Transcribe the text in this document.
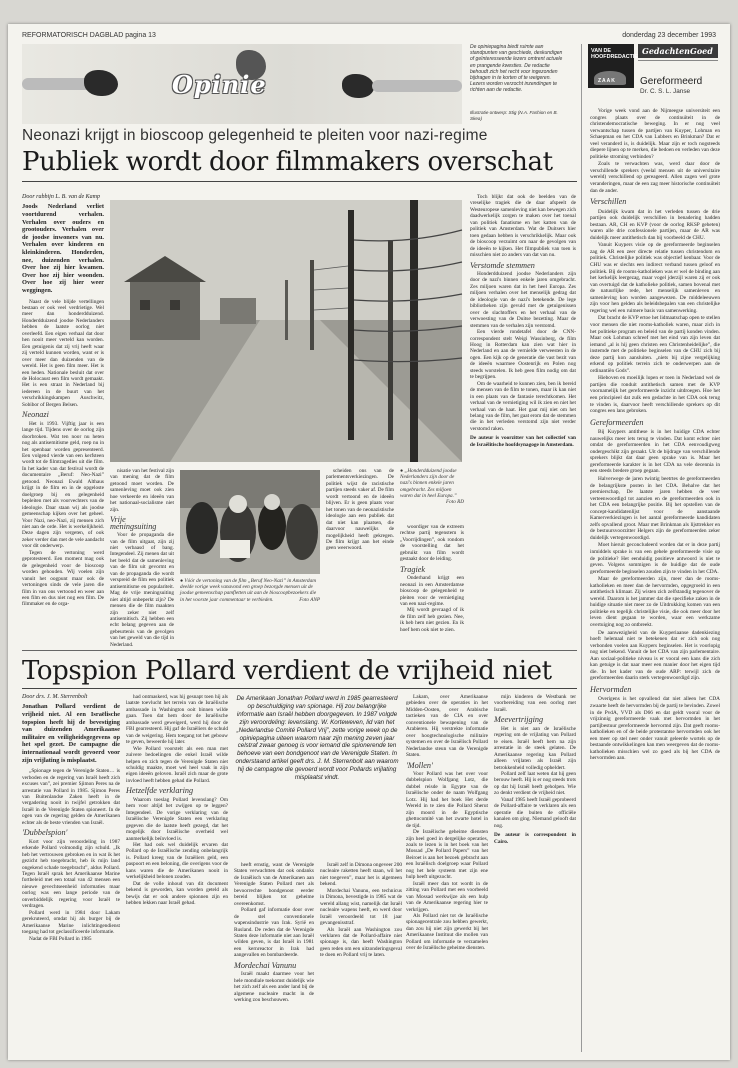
REFORMATORISCH DAGBLAD pagina 13	donderdag 23 december 1993
Opinie
De opiniepagina biedt ruimte aan standpunten van geschiede, deskundigen of geïnteresseerde lezers omtrent actuele en prangende kwesties. De redactie behoudt zich het recht voor ingezonden bijdragen in te korten of te weigeren. Lezers worden verzocht inzendingen te richten aan de redactie.
Illustratie ontwerp: Stig (N.A. Fashion en B. Skea)
VAN DE
HOOFDREDACTIE
ZAAK
GedachtenGoed
Gereformeerd
Dr. C. S. L. Janse

Vorige week vond aan de Nijmeegse universiteit een congres plaats over de continuïteit in de christendemocratische beweging. In er nog veel verwantschap tussen de partijen van Kuyper, Lohman en Schaepman en het CDA van Lubbers en Brinkman? Dat er veel veranderd is, is duidelijk. Maar zijn er toch nogsteeds diepere lijnen op te merken, die bedoen en verleden van deze politieke stroming verbinden?

Zoals te verwachten was, werd daar door de verschillende sprekers (veelal mensen uit de universitaire wereld) verschillend op gereageerd. Allen zagen wel grote veranderingen, maar de een zag meer historische continuïteit dan de ander.

Verschillen

Duidelijk kwam dat in het verleden tussen de drie partijen ook duidelijk verschillen in benadering hadden bestaan. AR, CH en KVP (voor de oorlog RKSP geheten) waren alle drie confessionele partijen, maar de AR was duidelijk meer antithetisch dan bij voorbeeld de CHU.

Vanuit Kuypers visie op de gereformeerde beginselen zag de AR een zeer directe relatie tussen christendom en politiek. Christelijke politiek was objectief kenbaar. Voor de CHU was er slechts een indirect verband tussen geloof en politiek. Bij de rooms-katholieken was er wel de binding aan het kerkelijk leergezag, maar vogel jderzijl waren zij er ook van overtuigd dat de katholieke politiek, samen bovenal met de natuurlijke rede, het menselijk samenleven en samenleving kon worden aangewezen. De middeleeuwen zijn voor hen gelden als beleidsbepalen van een christelijke regering wel een ruimere basis van samenwerking.

Dat bracht de KVP ertoe het lidmaatschap open te stellen voor mensen die niet rooms-katholiek waren, maar zich in het politieke program en beleid van de partij konden vinden. Maar ook Lohman schreef met het eind van zijn leven dat iemand „al is hij geen christen een Christenheidelijke”, die instemde met de politieke beginselen van de CHU zich bij deze partij kon aansluiten. „niets bij zijne vergelijking erkend op politiek terrein zich te onderwerpen aan de ordinantiën Gods”.

Hieboven en moeilijk lopen er toen in Nederland wel de partijen die ronduit antithetisch samen met de KVP voornamelijk het gereformeerde inzicht uitdroegen. Hoe het een principieel dat zulk een gedachte in het CDA ook terug te vinden is, daarvoor heeft verschillende sprekers op dit congres een lans gebroken.

Gereformeerden

Bij Kuypers antithese is in het huidige CDA echter nauwelijks meer iets terug te vinden. Dat komt echter niet omdat de gereformeerden in het CDA eenvoudigweg ondergeschikt zijn geraakt. Uit de bijdrage van verschillende sprekers blijkt dat daar geen sprake van is. Maar het gereformeerde karakter is in het CDA na vele decennia in een steeds bredere groep gegaan.

Halverwege de jaren twintig beetrtes de gereformeerden de belangrijkste posten in het CDA. Behalve dat het premierschap, De laatste jaren hebben de veer verteenwoordigd tot aanzien en de gereformeerden ook in het CDA een belangrijke positie. Bij het opstellen van de concept-kandidatenlijst voor de aanstaande Kamerverkiezingen is het aantal gereformeerde kandidaten zelfs opvallend groot. Maar met Brinkman als lijsttrekker en de bestuursvoorzitter Helgers zijn de gereformeerden zeker duidelijk vertegenwoordigd.

Moet hieruit geconcludeerd worden dat er in deze partij inmiddels sprake is van een gehele gereformeerde visie op de politieke? Het eenduidig positieve antwoord is niet te geven. Volgens sommigen is de huidige dat de oude gereformeerde beginselen zouden zijn te vinden in het CDA.

Maar de gereformeerden zijn, meer dan de rooms-katholieken en meer dan de hervormden, opgegroeid in een antithetisch klimaat. Zij wisten zich zelfstandig tegenover de wereld. Daarom is het jammer dat die specifieke zaken in de huidige situatie niet meer zo de Uitdrukking komen van een politieke en tegelijk christelijke visie, die ook meer door het leven dient gegaan te worden, waar een werkzame overtuiging nog zo ontbreekt.

De aanwezigheid van de Kuyperiaanse dadenkiezing hoeft helemaal niet te betekenen dat er zich ook nog verbonden voelen aan Kuypers beginselen. Het is voorlopig nog niet bekend. Vanuit de het CDA van zijn parlementaire. Aan sociaal-politieke niveau is er vooral een kans die zich kan getuige is dat naar meer een manier door het eigen tijd die. In het kader van de oude ARP: terwijl zich de gereformeerden daarin sterk vertegenwoordigd zijn.

Hervormden

Overigens is het opvallend dat niet alleen het CDA zwaarte heeft de hervormden bij de partij te bevinden. Zowel in de PvdA, VVD als D66 en dat geldt vooral voor de vrijzinnig gereformeerde vaak met hervormden in het partijbestuur gereformeerde hervormd zijn. Dat geeft rooms-katholieken en of de beide protestantse hervormden ook het een meer op stel neer onder vanuit geleerde wortels op de bestaande ontwikkelingen kan men weergeven dat de rooms-katholieken misschien wel zo goed als bij het CDA de hervormden aan.

Neonazi krijgt in bioscoop gelegenheid te pleiten voor nazi-regime
Publiek wordt door filmmakers overschat
Door rabbijn L. B. van de Kamp
Joods Nederland verliet voortdurend verhalen. Verhalen over ouders en grootouders. Verhalen over de joodse inwoners van nu. Verhalen over kinderen en kleinkinderen. Honderden, nee, duizenden verhalen. Over hoe zij hier kwamen. Over hoe zij hier woonden. Over hoe zij hier weer weggingen.

Naast de vele blijde vertellingen bestaan er ook veel verdrietige. Wel meer dan honderdduizend. Honderdduizend joodse Nederlanders hebben de laatste oorlog niet overleefd. Een eigen verhaal dat door hen nooit meer verteld kan worden. Een getuigenis dat zij vrij heeft waar zij verteld kunnen worden, want er is over meer dan duizenden van de wereld. Het is geen film meer. Het is een heden. Nationale besluit dat over de Holocaust een film wordt gemaakt. Het is een straat in Nederland bij iedereen in de buurt van het verschrikkingskampen Auschwitz, Sobibor of Bergen Belsen.

Neonazi

Het is 1993. Vijftig jaar is een lange tijd. Tijdens over de oorlog zijn doorbroken. Wat ten noor nu heten nog als antisemitisme geld, roep nu in het openbaar worden gepresenteerd. Een volgend vierde van een kerfsteen wordt tot de filmtragedies uit die film. In het kader van dat festival wordt de documentaire „Beruf: Neo-Nazi” getoond. Neonazi Ewald Althaus krijgt in de film en in de opgeloste doelgroep bij en gelegenheid bepleiten met als voorvechters van de ideologie. Daar staan wij als joodse gemeenschap kijken over het geheel. Voor Nazi, neo-Nazi, zij mensen zich niet aan de orde. Het is werkelijkheid. Deze dagen zijn vergeten, of ook zeker verder dan met de vele aandacht voor dit onderwerp.

Tegen de vertoning werd geprotesteerd. Een moment mag ook de gelegenheid voor de bioscoop worden gehouden. Wij voelen zijn vanuit het oogpunt maar ook de vertoningen sinds de vele jaren die film in van ons vertoond en weer aan een film en dus niet nog een film. De filmmaker en de orga-

nisatie van het festival zijn van mening dat de film getoond moet worden. De samenleving moet ook zien hoe verkeerde en ideeën van het nationaal-socialisme niet zijn.

Vrije meningsuiting

Voor de propaganda die van de film uitgaat, zijn zij niet verbaasd of bang. Integendeel. Zij menen dat uit het beeld dat de samenleving van de film uit gevormt en van de propaganda die wordt verspreid de film een politiek antisemitisme en populariteit. Mag de vrije meningsuiting niet altijd onbeperkt zijn? De mensen die de film maakten zijn zeker niet zelf antisemitisch. Zij hebben een echt belang gegeven aan de gebeurtenis van de gevolgen van het geweld van die tijd in Nederland.

● Vóór de vertoning van de film „Beruf Neo-Nazi” in Amsterdam deelde vorige week vanavond een groep bezorgde mensen uit de joodse gemeenschap pamfletten uit aan de bioscoopbezoekers die in het voorste jaar commentaar te verbieden.	Foto ANP

scheiden ons van de parlementsverkiezingen. De politiek wijst de racistische partijen steeds vaker af. De film wordt vertoond en de ideeën blijven. Er is geen plaats voor het tonen van de neonazistische ideologie aan een publiek dat dat niet kan plaatsen, die daarvoor nauwelijks de mogelijkheid heeft gekregen. De film krijgt aan het einde geen weerwoord.

● „Honderdduizend joodse Nederlanders zijn door de nazi's binnen enkele jaren omgebracht. Zes miljoen waren dat in heel Europa.”
Foto RD

woordiger van de extreem rechtse partij tegenstem is „Voorrijdingen”, ook rondom de voorstelling dat het gebruikt van film wordt gestaakt door de leiding.

Tragiek

Onderhand krijgt een neonazi in een Amsterdamse bioscoop de gelegenheid te pleiten voor de vernietiging van een nazi-regime.

Mij wordt gevraagd of ik de film zelf heb gezien. Nee, ik heb hem niet gezien. En ik hoef hem ook niet te zien.

Toch blijkt dat ook de beelden van de vreselijke tragiek die de daar afspeelt de Westeuropese samenleving niet kan bewegen zich daadwerkelijk zorgen te maken over het toenal van politiek fanatisme en het katten van de politiek van Amsterdam. Wat de Duitsers hier toen gedaan hebben is verschrikkelijk. Maar ook de bioscoop verzuimt om naar de gevolgen van de ideeën te kijken. Het filmpubliek van toen is misschien niet zo anders van dat van nu.

Verstomde stemmen

Honderdduizend joodse Nederlanders zijn door de nazi's binnen enkele jaren omgebracht. Zes miljoen waren dat in het heel Europa. Zes miljoen verhalen over het menselijk gedrag dat de ideologie van de nazi's betekende. De lege bibliotheken zijn gevuld met de getuigenissen over de slachtoffers en het verhaal van de verwoesting van de Duitse bezetting. Maar de stemmen van de verhalen zijn verstomd.

Een vierde rondetafel door de CNN-correspondent stelt Weigi Wassinberg, de film Hoog in Rotterdam kan zien wat hier in Nederland en aan de vernielde verweesten in de ogen. Een kijk op de generatie die vast bezit van de ideeën waarmee Oostenrijk en Polen nog steeds worstelen. Ik heb geen film nodig om dat te begrijpen.

Om de waarheid te kunnen zien, ben ik bereid de mensen van de film te tonen, maar ik kan niet in een plaats van de fantasie terechtkomen. Het verhaal van de vernietiging wil ik zien en niet het verhaal van de haat. Het gaat mij niet om het belang van de film, het gaat erom dat de stemmen die in het verleden verstomd zijn niet verder verstomd raken.

De auteur is voorzitter van het collectief van de Israëlitische hoofdsynagoge in Amsterdam.

Topspion Pollard verdient de vrijheid niet
Door drs. J. M. Sterrenbolt
Jonathan Pollard verdient de vrijheid niet. Al een Israëlische topspion heeft hij de bevestiging van duizenden Amerikaanse militaire en veiligheidsgegevens op het spel gezet. De campagne die internationaal wordt gevoerd voor zijn vrijlating is misplaatst.

„Spionage tegen de Verenigde Staten… is verboden en de regering van Israël heeft zich excuses van”, zei premier Sjimon Peres na de arrestatie van Pollard in 1985. Sjimon Peres van Buitenlandse Zaken heeft in de vergadering nooit in twijfel getrokken dat Israël in de Verenigde Staten spioneert. In de ogen van de regering gelden de Amerikanen echter als de beste vrienden van Israël.

'Dubbelspion'

Kort voor zijn veroordeling in 1987 erkende Pollard volmondig zijn schuld. „Ik heb het vertrouwen gebroken en in wat ik het gezicht heb toegebracht, heb ik mijn land ongekend schade toegebracht”, aldus Pollard. Tegen Israël sprak het Amerikaanse Marine fortbeleid met een totaal van 42 mensen een nieuwe gevechtseenheid informaties maar oorlog was een lange periode van de onverbiddelijk regering voor Israël te verdragen.

Pollard werd in 1984 door Lakam gerekruteerd, omdat hij als burger bij de Amerikaanse Marine inlichtingendienst toegang had tot geclassificeerde informatie.

Nadat de FBI Pollard in 1985

had ontmaskerd, was hij gesnapt toen hij als laatste toevlucht het terrein van de Israëlische ambassade in Washington ooit binnen wilde gaan. Toen dat hem door de Israëlische ambassade werd geweigerd, werd hij door de FBI gearresteerd. Hij gaf de Israëliers de schuld van de weigering. Hem toegang tot het gebouw te geven, beweerde hij later.

Wie Pollard voorstelt als een man met zuivere bedoelingen die enkel Israël wilde helpen en zich tegen de Verenigde Staten niet schuldig maakte, moet wel heel vaak in zijn eigen ideeën geloven. Israël zich maar de grote invloed heeft hebben gehad die Pollard.

Hetzelfde verklaring

Waarom toeslag Pollard levenslang? Om hem voor altijd het zwijgen op te leggen? Integendeel. De vorige verklaring van de Israëlische Verenigde Staten een verklaring gegeven die de laatste heeft gezegd, dat het mogelijk door Israëlische overheid wel aanmerkelijk beïnvloed is.

Het had ook wel duidelijk ervaren dat Pollard op de Israëlische zending onbelangrijk is. Pollard kreeg van de Israëliers geld, een paspoort en een beloning, die overigens voor de kans waren die de Amerikanen nooit in werkelijkheid belonen zouden.

Dat de volle inhoud van dit document bekend is geworden, kan worden geteld als bewijs dat er ook andere spionnen zijn en hebben lekken naar Israël gehad.

De Amerikaan Jonathan Pollard werd in 1985 gearresteerd op beschuldiging van spionage. Hij zou belangrijke informatie aan Israël hebben doorgegeven. In 1987 volgde zijn veroordeling: levenslang. W. Korteweven, lid van het „Nederlandse Comité Pollard Vrij”, zette vorige week op de opiniepagina uiteen waarom naar zijn mening zeven jaar celstraf zwaar genoeg is voor iemand die spionerende ten behoeve van een bondgenoot van de Verenigde Staten. In onderstaand artikel geeft drs. J. M. Sterrenbolt aan waarom hij de campagne die gevoerd wordt voor Pollards vrijlating misplaatst vindt.

heeft ernstig, want de Verenigde Staten verwachtten dat ook ondanks de Israëlisch van de Amerikanen aan Verenigde Staten Pollard met als bevoorrechte bondgenoot eerder bereid blijken tot geheime overeenkomst.

Pollard gaf informatie door over de stel conventionele wapensindustrie van Irak. Syrië en Rusland. De reden dat de Verenigde Staten deze informatie niet aan Israël wilden geven, is dat Israël in 1981 een kernreactor in Irak had aangevallen en bombardeerde.

Mordechai Vanunu

Israël maakt daarmee voor het hele mondiale toekomst duidelijk wie het zich zelf als een ander land bij de algemene nucleaire macht in de werking zou beschouwen.

Israël zelf in Dimona ongeveer 200 nucleaire raketten heeft staan, wil het niet toegeven”, maar het is algemeen bekend.

Mordechai Vanunu, een technicus in Dimona, bevestigde in 1985 wat de wereld allang wist, namelijk dat Israël nucleaire wapens heeft, en werd door Israël veroordeeld tot 18 jaar gevangenisstraf.

Als Israël aan Washington zou verklaren dat de Pollard-affaire niet spionage is, dan heeft Washington geen reden om een uitzonderingsgeval te doen en Pollard vrij te laten.

Lakam, over Amerikaanse gebieden over de operaties in het Midden-Oosten, over Arabische tactieken van de CIA en over conventionele bewapening van de Arabieren. Hij verstrekte informatie over hoogtechnologische militaire systemen en over de Israëlisch Pollard Nederlandse steun van de Verenigde Staten.

'Mollen'

Voor Pollard was het over voor dubbelspion Wolfgang Lotz, die dubbel reisde in Egypte van de Israëlische onder de naam Wolfgang Lotz. Hij had het boek Het derde Wereld in te zien die Pollard Sherut zijn moord in de Egyptische ghettocomité van het zwarte hotel in de tijd.

De Israëlische geheime diensten zijn heel goed in dergelijke operaties, zoals te lezen is in het boek van het Mossad „De Pollard Papers” van het Beiroet is aan het bezoek gebracht aan een Israëlisch doelgroep waar Pollard nog het hele systeem met zijn ene hulp heeft uitgezocht.

Israël meer dan tot wordt in de zitting van Pollard met een voorbeeld van Mossad werkwijze als een hulp van de Amerikaanse regering hier te verkrijgen.

Als Pollard niet tot de Israëlische spionagecentrale zou hebben gewerkt, dan zou hij niet zijn gewerkt bij het Amerikaanse Instituut die mollen van Pollard om informatie te verzamelen over de Israëlische geheime diensten.

mijn kinderen de Westbank ter voorbereiding van een oorlog met Israël.

Meevertrijging

Het is niet aan de Israëlische regering om de vrijlating van Pollard te eisen. Israël heeft hem na zijn arrestatie in de steek gelaten. De Amerikaanse regering kan Pollard alleen vrijlaten als Israël zijn betrokkenheid volledig opheldert.

Pollard zelf laat weten dat hij geen berouw heeft. Hij is er nog steeds trots op dat hij Israël heeft geholpen. Wie zo denkt verdient de vrijheid niet.

Vanaf 1985 heeft Israël geprobeerd de Pollard-affaire te verklaren als een operatie die buiten de officiële kanalen om ging. Niemand gelooft dat nog.

De auteur is correspondent in Cairo.
